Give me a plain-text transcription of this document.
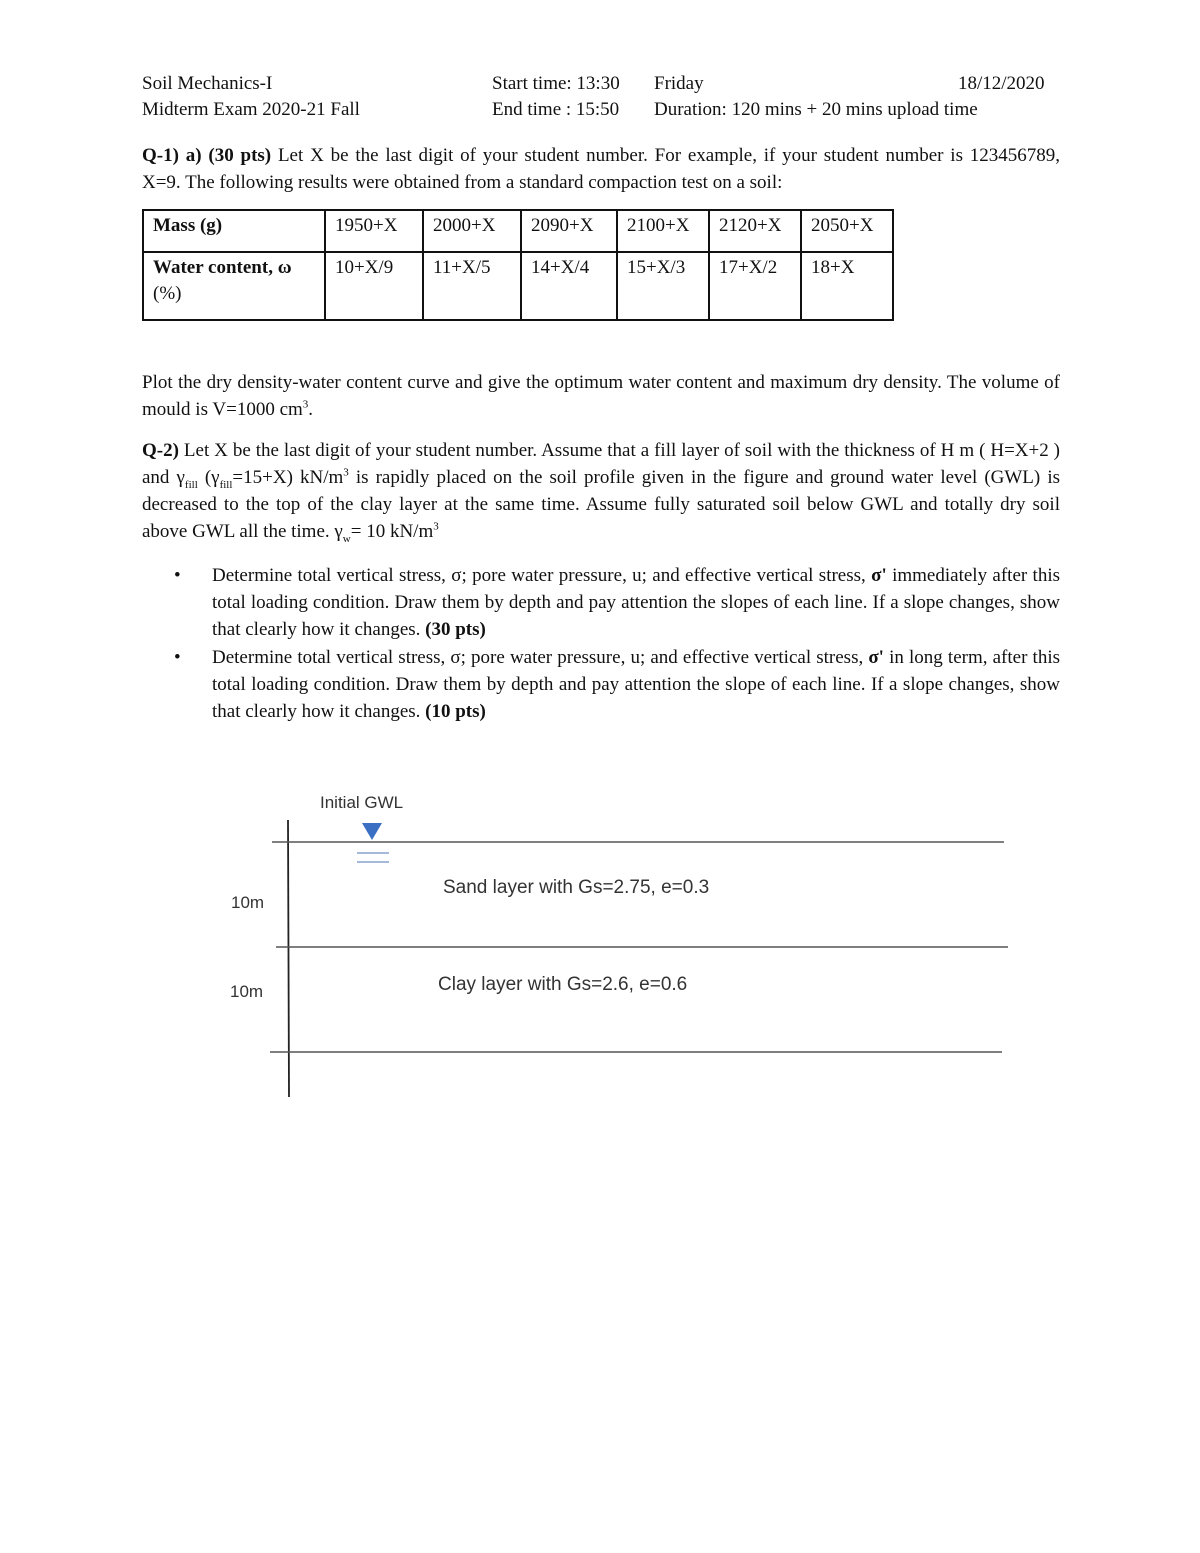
Soil Mechanics-I
Midterm Exam 2020-21 Fall
Start time: 13:30 Friday	18/12/2020
End time : 15:50 Duration: 120 mins + 20 mins upload time
Q-1) a) (30 pts) Let X be the last digit of your student number. For example, if your student number is 123456789, X=9. The following results were obtained from a standard compaction test on a soil:
Mass (g)	1950+X	2000+X	2090+X	2100+X	2120+X	2050+X
Water content, ω
(%)	10+X/9	11+X/5	14+X/4	15+X/3	17+X/2	18+X
Plot the dry density-water content curve and give the optimum water content and maximum dry density. The volume of mould is V=1000 $cm^3$.
Q-2) Let X be the last digit of your student number. Assume that a fill layer of soil with the thickness of H m ( H=X+2 ) and $\gamma_{fill}$ $(\gamma_{fill}=15+X)$ $kN/m^3$ is rapidly placed on the soil profile given in the figure and ground water level (GWL) is decreased to the top of the clay layer at the same time. Assume fully saturated soil below GWL and totally dry soil above GWL all the time. $\gamma_w= 10$ $kN/m^3$
• Determine total vertical stress, σ; pore water pressure, u; and effective vertical stress, σ' immediately after this total loading condition. Draw them by depth and pay attention the slopes of each line. If a slope changes, show that clearly how it changes. (30 pts)
• Determine total vertical stress, σ; pore water pressure, u; and effective vertical stress, σ' in long term, after this total loading condition. Draw them by depth and pay attention the slope of each line. If a slope changes, show that clearly how it changes. (10 pts)
Initial GWL
Sand layer with Gs=2.75, e=0.3
Clay layer with Gs=2.6, e=0.6
10m
10m
